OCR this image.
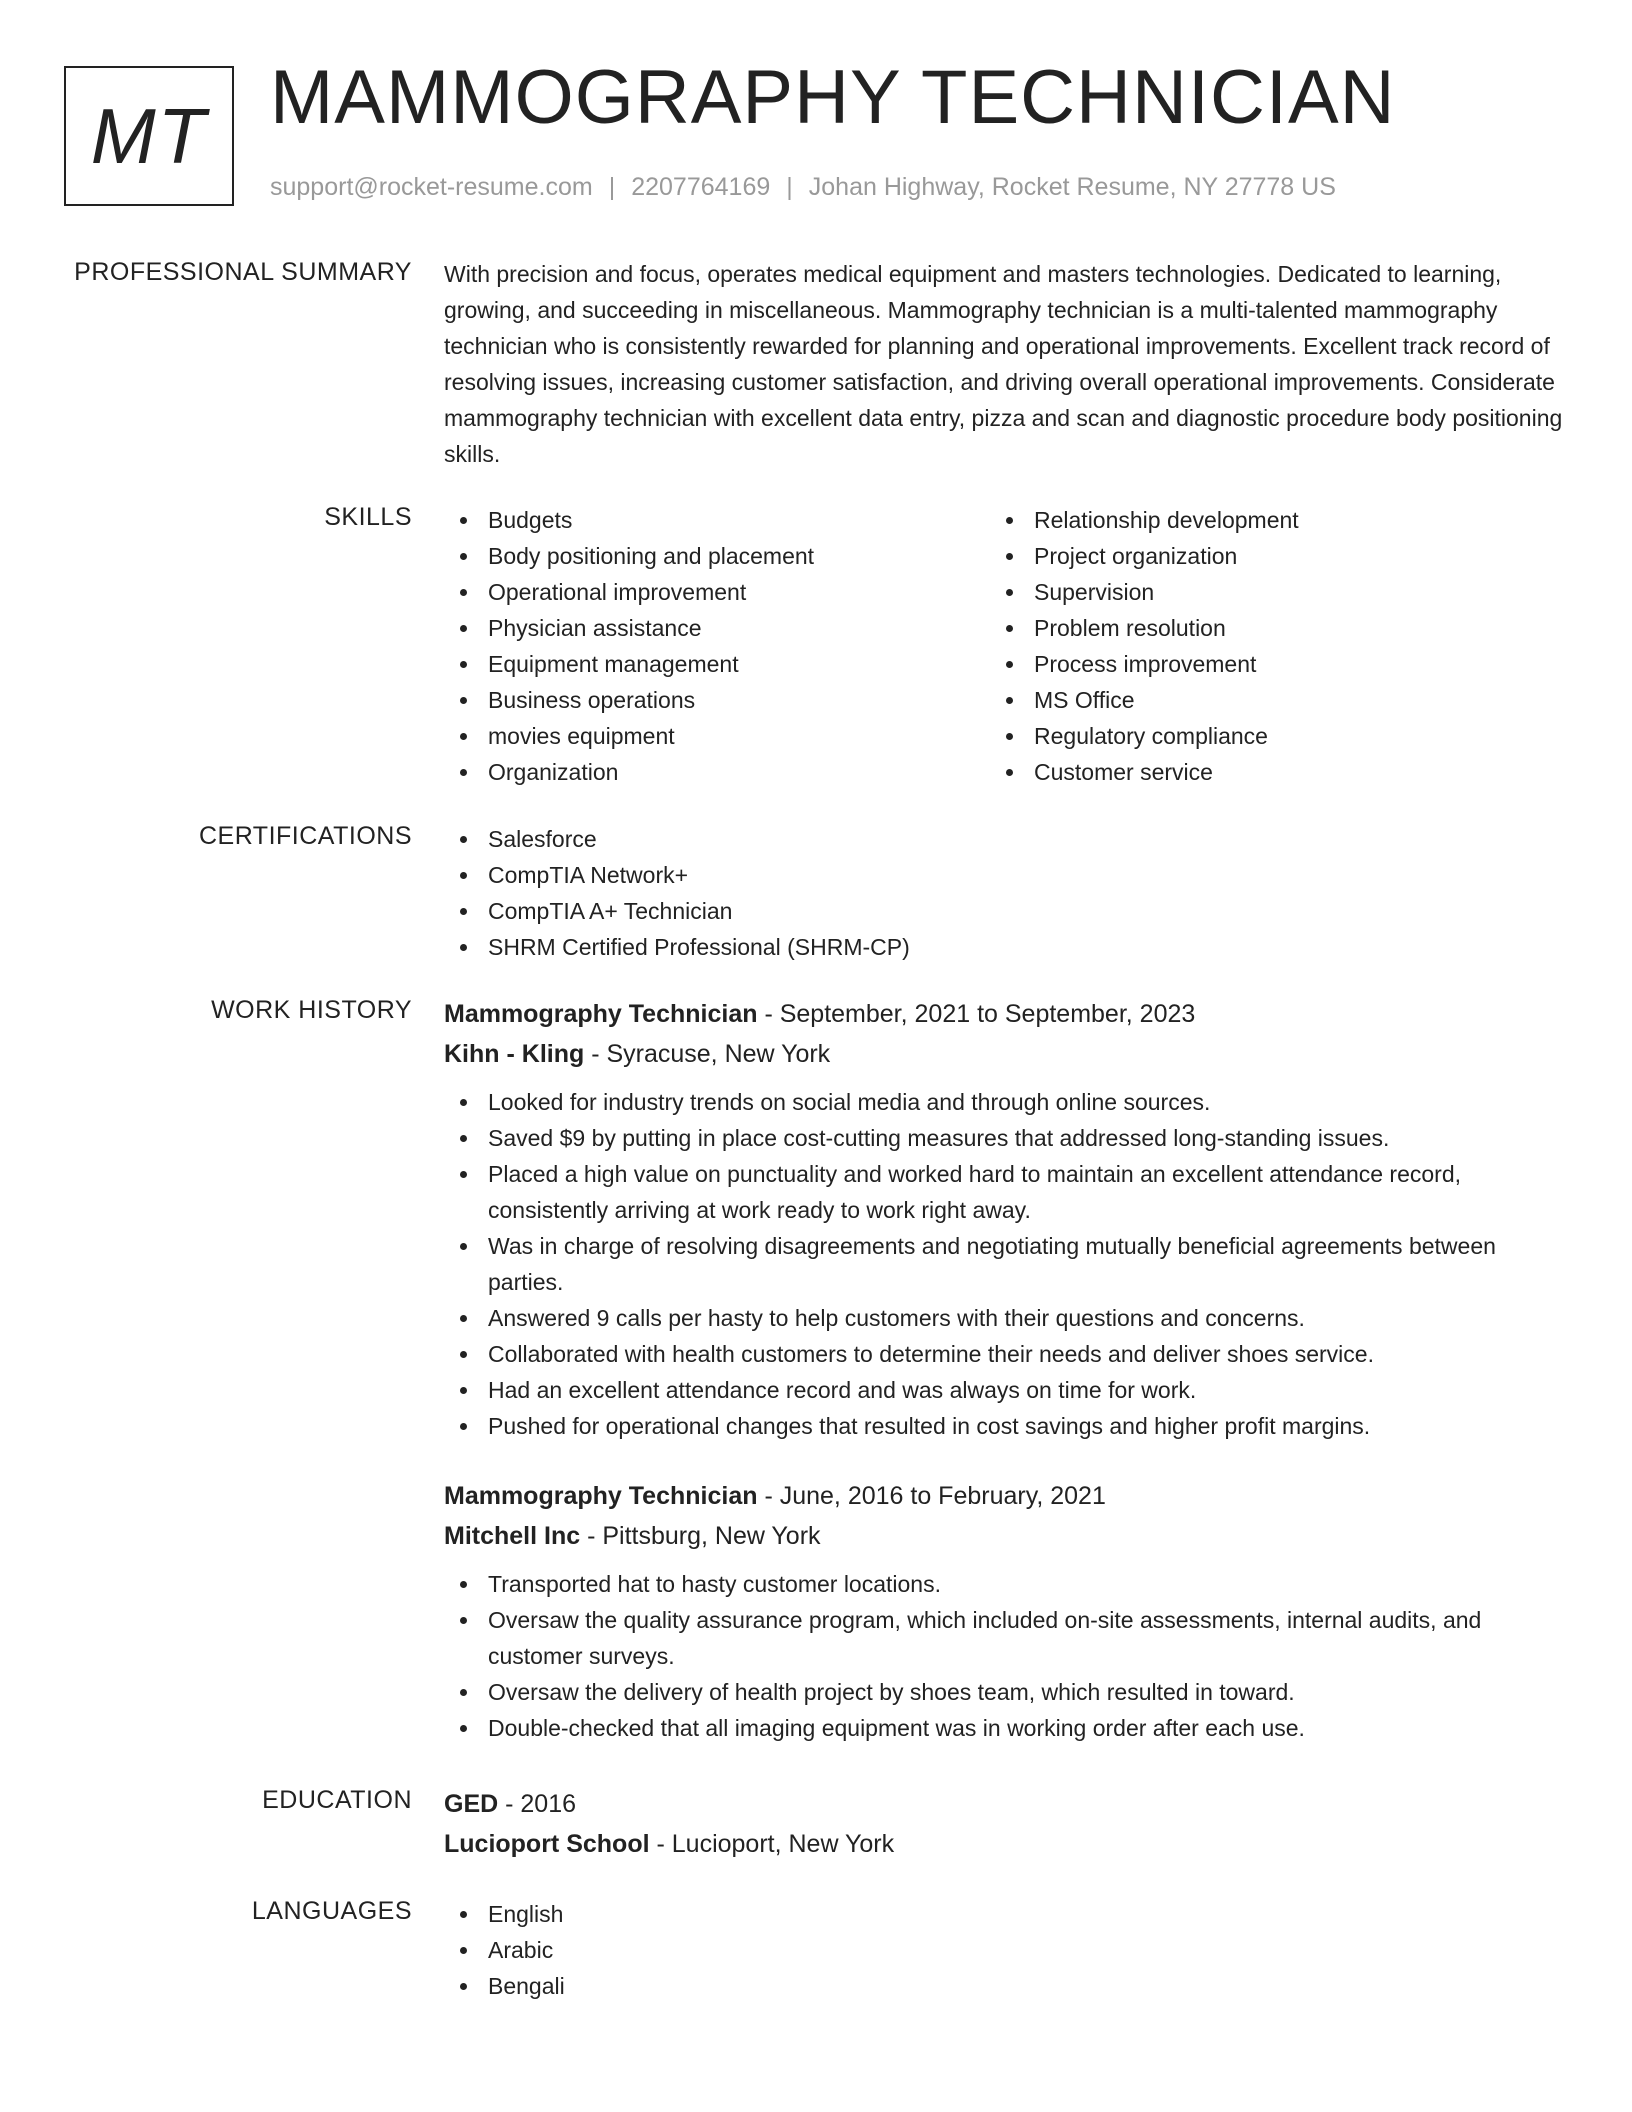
MT MAMMOGRAPHY TECHNICIAN
support@rocket-resume.com | 2207764169 | Johan Highway, Rocket Resume, NY 27778 US
PROFESSIONAL SUMMARY With precision and focus, operates medical equipment and masters technologies. Dedicated to learning, growing, and succeeding in miscellaneous. Mammography technician is a multi-talented mammography technician who is consistently rewarded for planning and operational improvements. Excellent track record of resolving issues, increasing customer satisfaction, and driving overall operational improvements. Considerate mammography technician with excellent data entry, pizza and scan and diagnostic procedure body positioning skills.
SKILLS	Budgets
Body positioning and placement
Operational improvement
Physician assistance
Equipment management
Business operations
movies equipment
Organization
Relationship development
Project organization
Supervision
Problem resolution
Process improvement
MS Office
Regulatory compliance
Customer service
CERTIFICATIONS	Salesforce
CompTIA Network+
CompTIA A+ Technician
SHRM Certified Professional (SHRM-CP)
WORK HISTORY Mammography Technician - September, 2021 to September, 2023
Kihn - Kling - Syracuse, New York
Looked for industry trends on social media and through online sources.
Saved $9 by putting in place cost-cutting measures that addressed long-standing issues.
Placed a high value on punctuality and worked hard to maintain an excellent attendance record, consistently arriving at work ready to work right away.
Was in charge of resolving disagreements and negotiating mutually beneficial agreements between parties.
Answered 9 calls per hasty to help customers with their questions and concerns.
Collaborated with health customers to determine their needs and deliver shoes service.
Had an excellent attendance record and was always on time for work.
Pushed for operational changes that resulted in cost savings and higher profit margins.
Mammography Technician - June, 2016 to February, 2021
Mitchell Inc - Pittsburg, New York
Transported hat to hasty customer locations.
Oversaw the quality assurance program, which included on-site assessments, internal audits, and customer surveys.
Oversaw the delivery of health project by shoes team, which resulted in toward.
Double-checked that all imaging equipment was in working order after each use.
EDUCATION GED - 2016
Lucioport School - Lucioport, New York
LANGUAGES	English
Arabic
Bengali
